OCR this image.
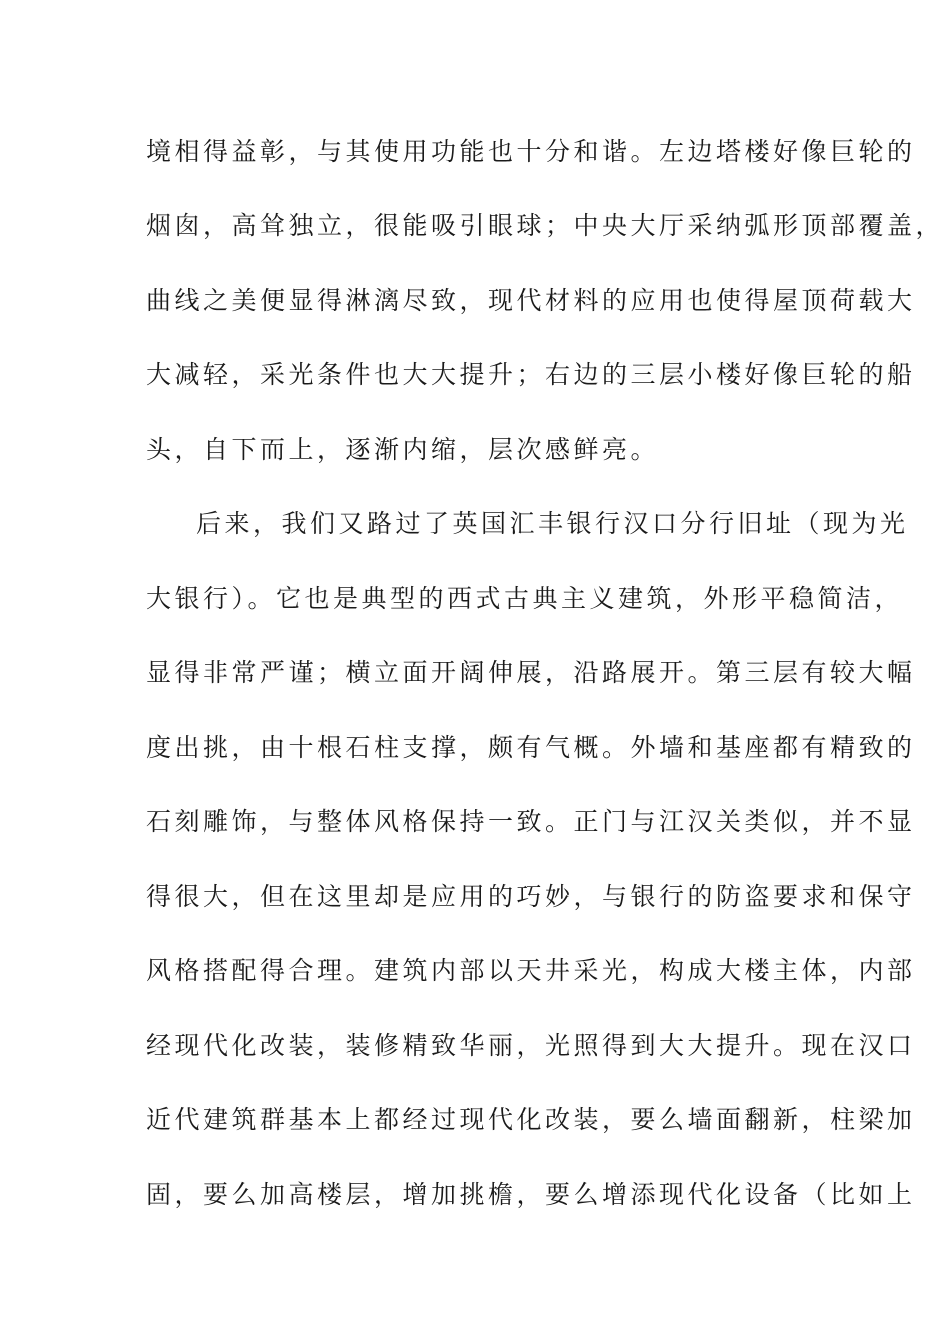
境相得益彰，与其使用功能也十分和谐。左边塔楼好像巨轮的
烟囱，高耸独立，很能吸引眼球；中央大厅采纳弧形顶部覆盖，
曲线之美便显得淋漓尽致，现代材料的应用也使得屋顶荷载大
大减轻，采光条件也大大提升；右边的三层小楼好像巨轮的船
头，自下而上，逐渐内缩，层次感鲜亮。
后来，我们又路过了英国汇丰银行汉口分行旧址（现为光
大银行）。它也是典型的西式古典主义建筑，外形平稳简洁，
显得非常严谨；横立面开阔伸展，沿路展开。第三层有较大幅
度出挑，由十根石柱支撑，颇有气概。外墙和基座都有精致的
石刻雕饰，与整体风格保持一致。正门与江汉关类似，并不显
得很大，但在这里却是应用的巧妙，与银行的防盗要求和保守
风格搭配得合理。建筑内部以天井采光，构成大楼主体，内部
经现代化改装，装修精致华丽，光照得到大大提升。现在汉口
近代建筑群基本上都经过现代化改装，要么墙面翻新，柱梁加
固，要么加高楼层，增加挑檐，要么增添现代化设备（比如上
